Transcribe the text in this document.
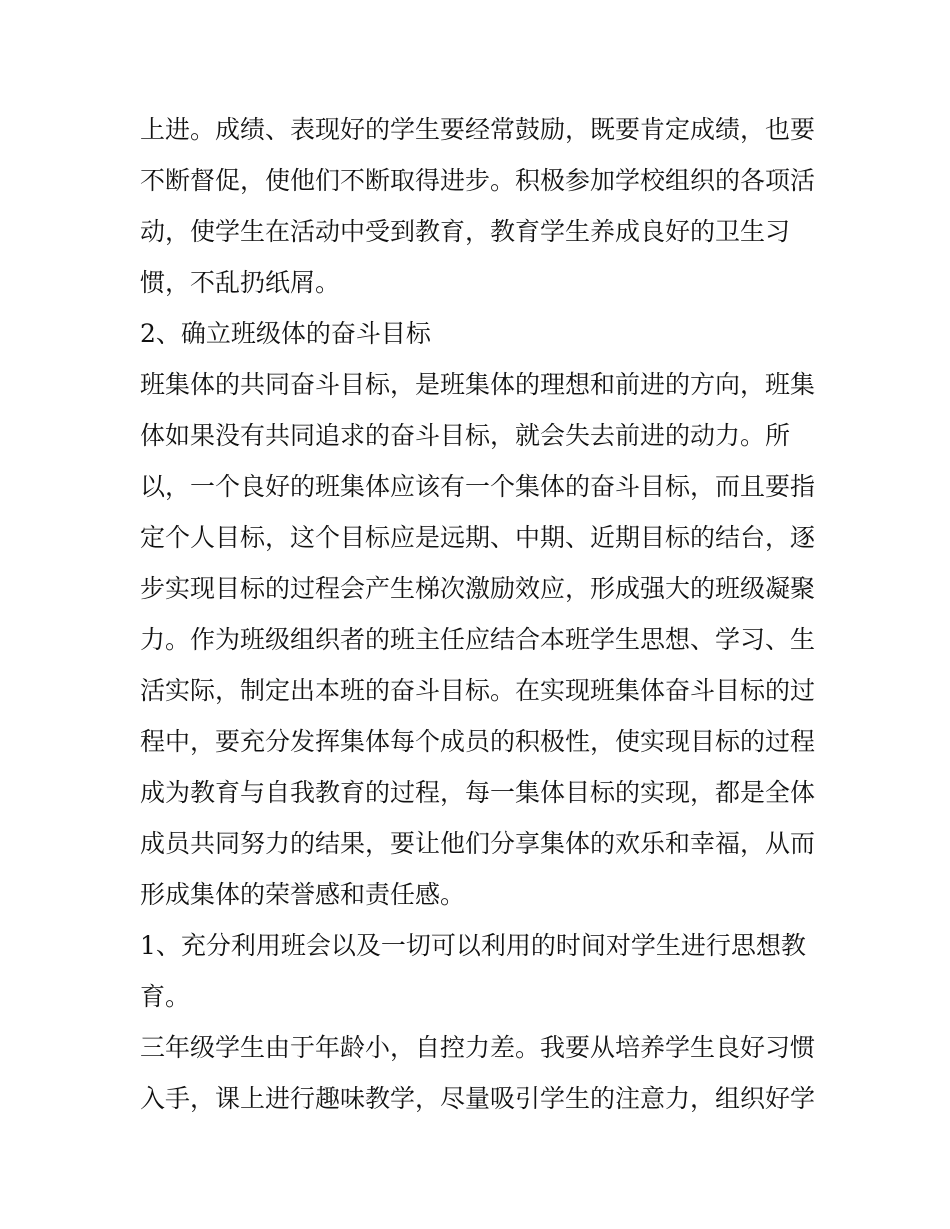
上进。成绩、表现好的学生要经常鼓励，既要肯定成绩，也要
不断督促，使他们不断取得进步。积极参加学校组织的各项活
动，使学生在活动中受到教育，教育学生养成良好的卫生习
惯，不乱扔纸屑。
2、确立班级体的奋斗目标
班集体的共同奋斗目标，是班集体的理想和前进的方向，班集
体如果没有共同追求的奋斗目标，就会失去前进的动力。所
以，一个良好的班集体应该有一个集体的奋斗目标，而且要指
定个人目标，这个目标应是远期、中期、近期目标的结台，逐
步实现目标的过程会产生梯次激励效应，形成强大的班级凝聚
力。作为班级组织者的班主任应结合本班学生思想、学习、生
活实际，制定出本班的奋斗目标。在实现班集体奋斗目标的过
程中，要充分发挥集体每个成员的积极性，使实现目标的过程
成为教育与自我教育的过程，每一集体目标的实现，都是全体
成员共同努力的结果，要让他们分享集体的欢乐和幸福，从而
形成集体的荣誉感和责任感。
1、充分利用班会以及一切可以利用的时间对学生进行思想教
育。
三年级学生由于年龄小，自控力差。我要从培养学生良好习惯
入手，课上进行趣味教学，尽量吸引学生的注意力，组织好学
